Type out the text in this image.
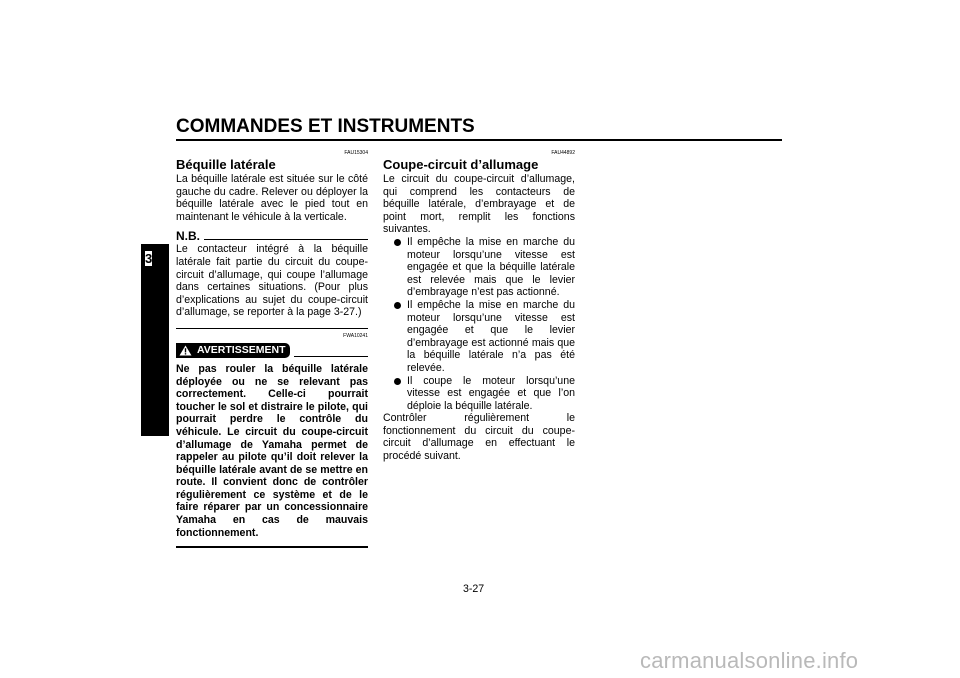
COMMANDES ET INSTRUMENTS
3
FAU15304
Béquille latérale

La béquille latérale est située sur le côté gauche du cadre. Relever ou déployer la béquille latérale avec le pied tout en maintenant le véhicule à la verticale.

N.B.

Le contacteur intégré à la béquille latérale fait partie du circuit du coupe-circuit d’allumage, qui coupe l’allumage dans certaines situations. (Pour plus d’explications au sujet du coupe-circuit d’allumage, se reporter à la page 3-27.)

FWA10241
AVERTISSEMENT

Ne pas rouler la béquille latérale déployée ou ne se relevant pas correctement. Celle-ci pourrait toucher le sol et distraire le pilote, qui pourrait perdre le contrôle du véhicule. Le circuit du coupe-circuit d’allumage de Yamaha permet de rappeler au pilote qu’il doit relever la béquille latérale avant de se mettre en route. Il convient donc de contrôler régulièrement ce système et de le faire réparer par un concessionnaire Yamaha en cas de mauvais fonctionnement.

FAU44892
Coupe-circuit d’allumage

Le circuit du coupe-circuit d’allumage, qui comprend les contacteurs de béquille latérale, d’embrayage et de point mort, remplit les fonctions suivantes.

Il empêche la mise en marche du moteur lorsqu’une vitesse est engagée et que la béquille latérale est relevée mais que le levier d’embrayage n’est pas actionné.
Il empêche la mise en marche du moteur lorsqu’une vitesse est engagée et que le levier d’embrayage est actionné mais que la béquille latérale n’a pas été relevée.
Il coupe le moteur lorsqu’une vitesse est engagée et que l’on déploie la béquille latérale.

Contrôler régulièrement le fonctionnement du circuit du coupe-circuit d’allumage en effectuant le procédé suivant.

3-27
carmanualsonline.info
